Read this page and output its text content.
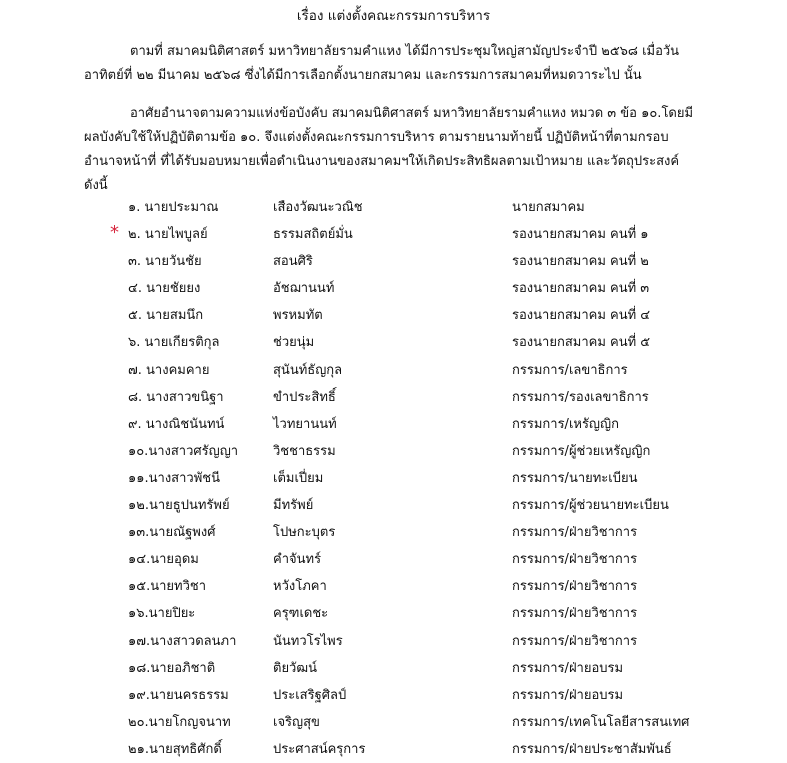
เรื่อง แต่งตั้งคณะกรรมการบริหาร

ตามที่ สมาคมนิติศาสตร์ มหาวิทยาลัยรามคำแหง ได้มีการประชุมใหญ่สามัญประจำปี ๒๕๖๘ เมื่อวันอาทิตย์ที่ ๒๒ มีนาคม ๒๕๖๘ ซึ่งได้มีการเลือกตั้งนายกสมาคม และกรรมการสมาคมที่หมดวาระไป นั้น

อาศัยอำนาจตามความแห่งข้อบังคับ สมาคมนิติศาสตร์ มหาวิทยาลัยรามคำแหง หมวด ๓ ข้อ ๑๐.โดยมีผลบังคับใช้ให้ปฏิบัติตามข้อ ๑๐. จึงแต่งตั้งคณะกรรมการบริหาร ตามรายนามท้ายนี้ ปฏิบัติหน้าที่ตามกรอบอำนาจหน้าที่ ที่ได้รับมอบหมายเพื่อดำเนินงานของสมาคมฯให้เกิดประสิทธิผลตามเป้าหมาย และวัตถุประสงค์ ดังนี้

*
๑. นายประมาณ	เสืองวัฒนะวณิช	นายกสมาคม
๒. นายไพบูลย์	ธรรมสถิตย์มั่น	รองนายกสมาคม คนที่ ๑
๓. นายวันชัย	สอนศิริ	รองนายกสมาคม คนที่ ๒
๔. นายชัยยง	อัชฌานนท์	รองนายกสมาคม คนที่ ๓
๕. นายสมนึก	พรหมทัต	รองนายกสมาคม คนที่ ๔
๖. นายเกียรติกุล	ช่วยนุ่ม	รองนายกสมาคม คนที่ ๕
๗. นางคมคาย	สุนันท์ธัญกุล	กรรมการ/เลขาธิการ
๘. นางสาวขนิฐา	ขำประสิทธิ์	กรรมการ/รองเลขาธิการ
๙. นางณิชนันทน์	ไวทยานนท์	กรรมการ/เหรัญญิก
๑๐.นางสาวศรัญญา	วิชชาธรรม	กรรมการ/ผู้ช่วยเหรัญญิก
๑๑.นางสาวพัชนี	เต็มเปี่ยม	กรรมการ/นายทะเบียน
๑๒.นายธูปนทรัพย์	มีทรัพย์	กรรมการ/ผู้ช่วยนายทะเบียน
๑๓.นายณัฐพงศ์	โปษกะบุตร	กรรมการ/ฝ่ายวิชาการ
๑๔.นายอุดม	คำจันทร์	กรรมการ/ฝ่ายวิชาการ
๑๕.นายทวิชา	หวังโภคา	กรรมการ/ฝ่ายวิชาการ
๑๖.นายปิยะ	ครุฑเดชะ	กรรมการ/ฝ่ายวิชาการ
๑๗.นางสาวดลนภา	นันทวโรไพร	กรรมการ/ฝ่ายวิชาการ
๑๘.นายอภิชาติ	ติยวัฒน์	กรรมการ/ฝ่ายอบรม
๑๙.นายนครธรรม	ประเสริฐศิลป์	กรรมการ/ฝ่ายอบรม
๒๐.นายโกญจนาท	เจริญสุข	กรรมการ/เทคโนโลยีสารสนเทศ
๒๑.นายสุทธิศักดิ์	ประศาสน์ครุการ	กรรมการ/ฝ่ายประชาสัมพันธ์
